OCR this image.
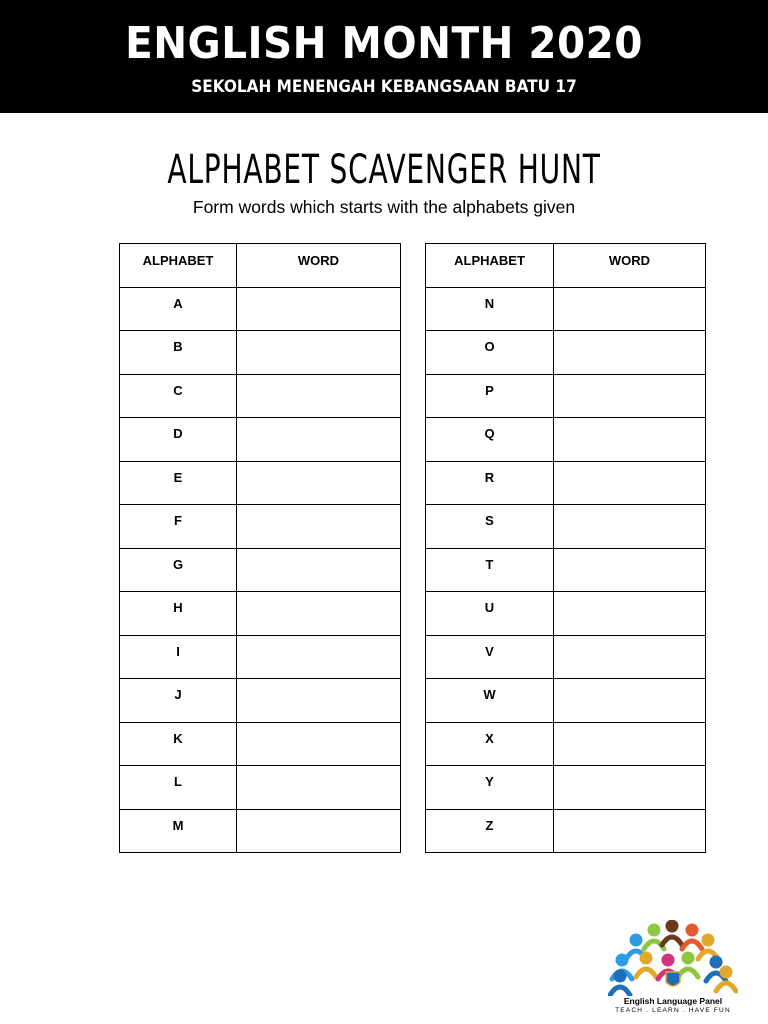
ENGLISH MONTH 2020
SEKOLAH MENENGAH KEBANGSAAN BATU 17
ALPHABET SCAVENGER HUNT
Form words which starts with the alphabets given
ALPHABET	WORD
A	
B	
C	
D	
E	
F	
G	
H	
I	
J	
K	
L	
M	
ALPHABET	WORD
N	
O	
P	
Q	
R	
S	
T	
U	
V	
W	
X	
Y	
Z	
English Language Panel
TEACH . LEARN . HAVE FUN
